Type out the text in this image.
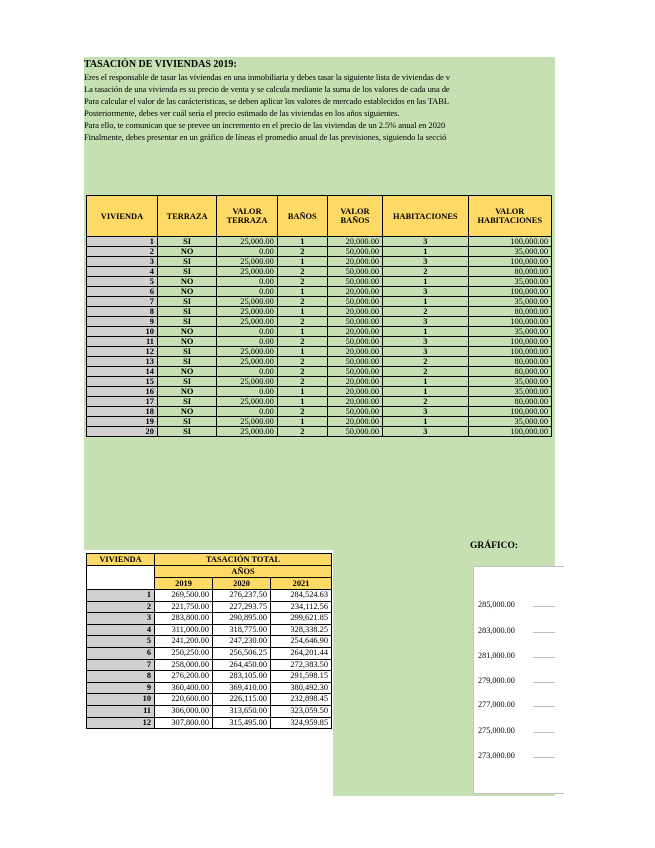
TASACIÓN DE VIVIENDAS 2019:
Eres el responsable de tasar las viviendas en una inmobiliaria y debes tasar la siguiente lista de viviendas de v
La tasación de una vivienda es su precio de venta y se calcula mediante la suma de los valores de cada una de
Para calcular el valor de las carácteristicas, se deben aplicar los valores de mercado establecidos en las TABL
Posteriormente, debes ver cuál sería el precio estimado de las viviendas en los años siguientes.
Para ello, te comunican que se prevee un incremento en el precio de las viviendas de un 2.5% anual en 2020
Finalmente, debes presentar en un gráfico de líneas el promedio anual de las previsiones, siguiendo la secció
VIVIENDA	TERRAZA	VALOR TERRAZA	BAÑOS	VALOR BAÑOS	HABITACIONES	VALOR HABITACIONES
1	SI	25,000.00	1	20,000.00	3	100,000.00
2	NO	0.00	2	50,000.00	1	35,000.00
3	SI	25,000.00	1	20,000.00	3	100,000.00
4	SI	25,000.00	2	50,000.00	2	80,000.00
5	NO	0.00	2	50,000.00	1	35,000.00
6	NO	0.00	1	20,000.00	3	100,000.00
7	SI	25,000.00	2	50,000.00	1	35,000.00
8	SI	25,000.00	1	20,000.00	2	80,000.00
9	SI	25,000.00	2	50,000.00	3	100,000.00
10	NO	0.00	1	20,000.00	1	35,000.00
11	NO	0.00	2	50,000.00	3	100,000.00
12	SI	25,000.00	1	20,000.00	3	100,000.00
13	SI	25,000.00	2	50,000.00	2	80,000.00
14	NO	0.00	2	50,000.00	2	80,000.00
15	SI	25,000.00	2	20,000.00	1	35,000.00
16	NO	0.00	1	20,000.00	1	35,000.00
17	SI	25,000.00	1	20,000.00	2	80,000.00
18	NO	0.00	2	50,000.00	3	100,000.00
19	SI	25,000.00	1	20,000.00	1	35,000.00
20	SI	25,000.00	2	50,000.00	3	100,000.00
VIVIENDA	TASACIÓN TOTAL		
	AÑOS		
	2019	2020	2021
1	269,500.00	276,237.50	284,524.63
2	221,750.00	227,293.75	234,112.56
3	283,800.00	290,895.00	299,621.85
4	311,000.00	318,775.00	328,338.25
5	241,200.00	247,230.00	254,646.90
6	250,250.00	256,506.25	264,201.44
7	258,000.00	264,450.00	272,383.50
8	276,200.00	283,105.00	291,598.15
9	360,400.00	369,410.00	380,492.30
10	220,600.00	226,115.00	232,898.45
11	306,000.00	313,650.00	323,059.50
12	307,800.00	315,495.00	324,959.85
GRÁFICO:
285,000.00
283,000.00
281,000.00
279,000.00
277,000.00
275,000.00
273,000.00
